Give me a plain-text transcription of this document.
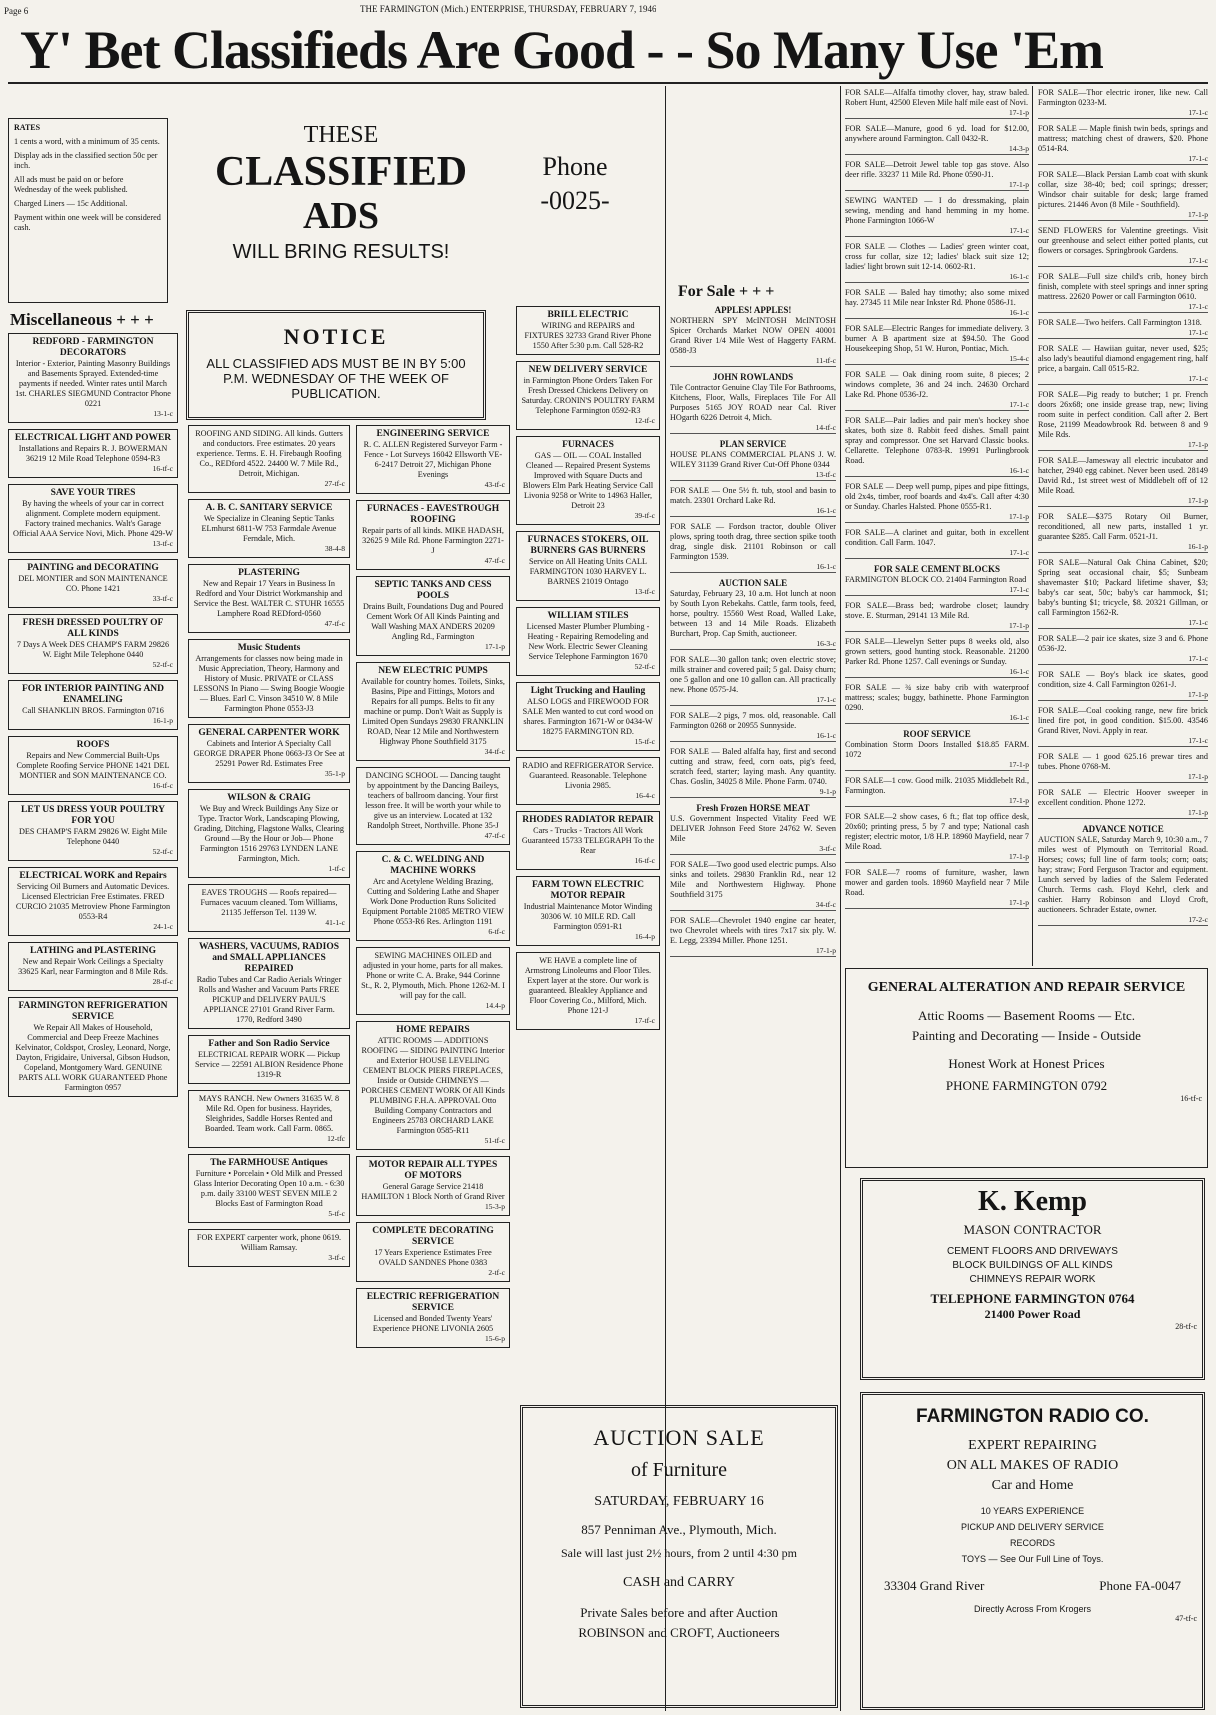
Page 6	THE FARMINGTON (Mich.) ENTERPRISE, THURSDAY, FEBRUARY 7, 1946
Y' Bet Classifieds Are Good - - So Many Use 'Em
RATES

1 cents a word, with a minimum of 35 cents.

Display ads in the classified section 50c per inch.

All ads must be paid on or before Wednesday of the week published.

Charged Liners — 15c Additional.

Payment within one week will be considered cash.

THESE
CLASSIFIED
ADS
WILL BRING RESULTS!
Phone
-0025-
Miscellaneous + + +
For Sale + + +
NOTICE
ALL CLASSIFIED ADS MUST BE IN BY 5:00 P.M. WEDNESDAY OF THE WEEK OF PUBLICATION.
REDFORD - FARMINGTON DECORATORS
Interior - Exterior, Painting Masonry Buildings and Basements Sprayed. Extended-time payments if needed. Winter rates until March 1st. CHARLES SIEGMUND Contractor Phone 0221
13-1-c
ELECTRICAL LIGHT AND POWER
Installations and Repairs R. J. BOWERMAN 36219 12 Mile Road Telephone 0594-R3
16-tf-c
SAVE YOUR TIRES
By having the wheels of your car in correct alignment. Complete modern equipment. Factory trained mechanics. Walt's Garage Official AAA Service Novi, Mich. Phone 429-W
13-tf-c
PAINTING and DECORATING
DEL MONTIER and SON MAINTENANCE CO. Phone 1421
33-tf-c
FRESH DRESSED POULTRY OF ALL KINDS
7 Days A Week DES CHAMP'S FARM 29826 W. Eight Mile Telephone 0440
52-tf-c
FOR INTERIOR PAINTING AND ENAMELING
Call SHANKLIN BROS. Farmington 0716
16-1-p
ROOFS
Repairs and New Commercial Built-Ups Complete Roofing Service PHONE 1421 DEL MONTIER and SON MAINTENANCE CO.
16-tf-c
LET US DRESS YOUR POULTRY FOR YOU
DES CHAMP'S FARM 29826 W. Eight Mile Telephone 0440
52-tf-c
ELECTRICAL WORK and Repairs
Servicing Oil Burners and Automatic Devices. Licensed Electrician Free Estimates. FRED CURCIO 21035 Metroview Phone Farmington 0553-R4
24-1-c
LATHING and PLASTERING
New and Repair Work Ceilings a Specialty 33625 Karl, near Farmington and 8 Mile Rds.
28-tf-c
FARMINGTON REFRIGERATION SERVICE
We Repair All Makes of Household, Commercial and Deep Freeze Machines Kelvinator, Coldspot, Crosley, Leonard, Norge, Dayton, Frigidaire, Universal, Gibson Hudson, Copeland, Montgomery Ward. GENUINE PARTS ALL WORK GUARANTEED Phone Farmington 0957
ROOFING AND SIDING. All kinds. Gutters and conductors. Free estimates. 20 years experience. Terms. E. H. Firebaugh Roofing Co., REDford 4522. 24400 W. 7 Mile Rd., Detroit, Michigan.
27-tf-c
A. B. C. SANITARY SERVICE
We Specialize in Cleaning Septic Tanks ELmhurst 6811-W 753 Farmdale Avenue Ferndale, Mich.
38-4-8
PLASTERING
New and Repair 17 Years in Business In Redford and Your District Workmanship and Service the Best. WALTER C. STUHR 16555 Lamphere Road REDford-0560
47-tf-c
Music Students
Arrangements for classes now being made in Music Appreciation, Theory, Harmony and History of Music. PRIVATE or CLASS LESSONS In Piano — Swing Boogie Woogie — Blues. Earl C. Vinson 34510 W. 8 Mile Farmington Phone 0553-J3
GENERAL CARPENTER WORK
Cabinets and Interior A Specialty Call GEORGE DRAPER Phone 0663-J3 Or See at 25291 Power Rd. Estimates Free
35-1-p
WILSON & CRAIG
We Buy and Wreck Buildings Any Size or Type. Tractor Work, Landscaping Plowing, Grading, Ditching, Flagstone Walks, Clearing Ground —By the Hour or Job— Phone Farmington 1516 29763 LYNDEN LANE Farmington, Mich.
1-tf-c
EAVES TROUGHS — Roofs repaired—Furnaces vacuum cleaned. Tom Williams, 21135 Jefferson Tel. 1139 W.
41-1-c
WASHERS, VACUUMS, RADIOS and SMALL APPLIANCES REPAIRED
Radio Tubes and Car Radio Aerials Wringer Rolls and Washer and Vacuum Parts FREE PICKUP and DELIVERY PAUL'S APPLIANCE 27101 Grand River Farm. 1770, Redford 3490
Father and Son Radio Service
ELECTRICAL REPAIR WORK — Pickup Service — 22591 ALBION Residence Phone 1319-R
MAYS RANCH. New Owners 31635 W. 8 Mile Rd. Open for business. Hayrides, Sleighrides, Saddle Horses Rented and Boarded. Team work. Call Farm. 0865.
12-tfc
The FARMHOUSE Antiques
Furniture • Porcelain • Old Milk and Pressed Glass Interior Decorating Open 10 a.m. - 6:30 p.m. daily 33100 WEST SEVEN MILE 2 Blocks East of Farmington Road
5-tf-c
FOR EXPERT carpenter work, phone 0619. William Ramsay.
3-tf-c
ENGINEERING SERVICE
R. C. ALLEN Registered Surveyor Farm - Fence - Lot Surveys 16042 Ellsworth VE-6-2417 Detroit 27, Michigan Phone Evenings
43-tf-c
FURNACES - EAVESTROUGH ROOFING
Repair parts of all kinds. MIKE HADASH, 32625 9 Mile Rd. Phone Farmington 2271-J
47-tf-c
SEPTIC TANKS AND CESS POOLS
Drains Built, Foundations Dug and Poured Cement Work Of All Kinds Painting and Wall Washing MAX ANDERS 20209 Angling Rd., Farmington
17-1-p
NEW ELECTRIC PUMPS
Available for country homes. Toilets, Sinks, Basins, Pipe and Fittings, Motors and Repairs for all pumps. Belts to fit any machine or pump. Don't Wait as Supply is Limited Open Sundays 29830 FRANKLIN ROAD, Near 12 Mile and Northwestern Highway Phone Southfield 3175
34-tf-c
DANCING SCHOOL — Dancing taught by appointment by the Dancing Baileys, teachers of ballroom dancing. Your first lesson free. It will be worth your while to give us an interview. Located at 132 Randolph Street, Northville. Phone 35-J
47-tf-c
C. & C. WELDING AND MACHINE WORKS
Arc and Acetylene Welding Brazing, Cutting and Soldering Lathe and Shaper Work Done Production Runs Solicited Equipment Portable 21085 METRO VIEW Phone 0553-R6 Res. Arlington 1191
6-tf-c
SEWING MACHINES OILED and adjusted in your home, parts for all makes. Phone or write C. A. Brake, 944 Corinne St., R. 2, Plymouth, Mich. Phone 1262-M. I will pay for the call.
14.4-p
HOME REPAIRS
ATTIC ROOMS — ADDITIONS ROOFING — SIDING PAINTING Interior and Exterior HOUSE LEVELING CEMENT BLOCK PIERS FIREPLACES, Inside or Outside CHIMNEYS — PORCHES CEMENT WORK Of All Kinds PLUMBING F.H.A. APPROVAL Otto Building Company Contractors and Engineers 25783 ORCHARD LAKE Farmington 0585-R11
51-tf-c
MOTOR REPAIR ALL TYPES OF MOTORS
General Garage Service 21418 HAMILTON 1 Block North of Grand River
15-3-p
COMPLETE DECORATING SERVICE
17 Years Experience Estimates Free OVALD SANDNES Phone 0383
2-tf-c
ELECTRIC REFRIGERATION SERVICE
Licensed and Bonded Twenty Years' Experience PHONE LIVONIA 2605
15-6-p
BRILL ELECTRIC
WIRING and REPAIRS and FIXTURES 32733 Grand River Phone 1550 After 5:30 p.m. Call 528-R2
NEW DELIVERY SERVICE
in Farmington Phone Orders Taken For Fresh Dressed Chickens Delivery on Saturday. CRONIN'S POULTRY FARM Telephone Farmington 0592-R3
12-tf-c
FURNACES
GAS — OIL — COAL Installed Cleaned — Repaired Present Systems Improved with Square Ducts and Blowers Elm Park Heating Service Call Livonia 9258 or Write to 14963 Haller, Detroit 23
39-tf-c
FURNACES STOKERS, OIL BURNERS GAS BURNERS
Service on All Heating Units CALL FARMINGTON 1030 HARVEY L. BARNES 21019 Ontago
13-tf-c
WILLIAM STILES
Licensed Master Plumber Plumbing - Heating - Repairing Remodeling and New Work. Electric Sewer Cleaning Service Telephone Farmington 1670
52-tf-c
Light Trucking and Hauling
ALSO LOGS and FIREWOOD FOR SALE Men wanted to cut cord wood on shares. Farmington 1671-W or 0434-W 18275 FARMINGTON RD.
15-tf-c
RADIO and REFRIGERATOR Service. Guaranteed. Reasonable. Telephone Livonia 2985.
16-4-c
RHODES RADIATOR REPAIR
Cars - Trucks - Tractors All Work Guaranteed 15733 TELEGRAPH To the Rear
16-tf-c
FARM TOWN ELECTRIC MOTOR REPAIR
Industrial Maintenance Motor Winding 30306 W. 10 MILE RD. Call Farmington 0591-R1
16-4-p
WE HAVE a complete line of Armstrong Linoleums and Floor Tiles. Expert layer at the store. Our work is guaranteed. Bleakley Appliance and Floor Covering Co., Milford, Mich. Phone 121-J
17-tf-c
APPLES! APPLES!
NORTHERN SPY McINTOSH McINTOSH Spicer Orchards Market NOW OPEN 40001 Grand River 1/4 Mile West of Haggerty FARM. 0588-J3
11-tf-c
JOHN ROWLANDS
Tile Contractor Genuine Clay Tile For Bathrooms, Kitchens, Floor, Walls, Fireplaces Tile For All Purposes 5165 JOY ROAD near Cal. River HOgarth 6226 Detroit 4, Mich.
14-tf-c
PLAN SERVICE
HOUSE PLANS COMMERCIAL PLANS J. W. WILEY 31139 Grand River Cut-Off Phone 0344
13-tf-c
FOR SALE — One 5½ ft. tub, stool and basin to match. 23301 Orchard Lake Rd.
16-1-c
FOR SALE — Fordson tractor, double Oliver plows, spring tooth drag, three section spike tooth drag, single disk. 21101 Robinson or call Farmington 1539.
16-1-c
AUCTION SALE
Saturday, February 23, 10 a.m. Hot lunch at noon by South Lyon Rebekahs. Cattle, farm tools, feed, horse, poultry. 15560 West Road, Walled Lake, between 13 and 14 Mile Roads. Elizabeth Burchart, Prop. Cap Smith, auctioneer.
16-3-c
FOR SALE—30 gallon tank; oven electric stove; milk strainer and covered pail; 5 gal. Daisy churn; one 5 gallon and one 10 gallon can. All practically new. Phone 0575-J4.
17-1-c
FOR SALE—2 pigs, 7 mos. old, reasonable. Call Farmington 0268 or 20955 Sunnyside.
16-1-c
FOR SALE — Baled alfalfa hay, first and second cutting and straw, feed, corn oats, pig's feed, scratch feed, starter; laying mash. Any quantity. Chas. Goslin, 34025 8 Mile. Phone Farm. 0740.
9-1-p
Fresh Frozen HORSE MEAT
U.S. Government Inspected Vitality Feed WE DELIVER Johnson Feed Store 24762 W. Seven Mile
3-tf-c
FOR SALE—Two good used electric pumps. Also sinks and toilets. 29830 Franklin Rd., near 12 Mile and Northwestern Highway. Phone Southfield 3175
34-tf-c
FOR SALE—Chevrolet 1940 engine car heater, two Chevrolet wheels with tires 7x17 six ply. W. E. Legg, 23394 Miller. Phone 1251.
17-1-p
FOR SALE—Alfalfa timothy clover, hay, straw baled. Robert Hunt, 42500 Eleven Mile half mile east of Novi.
17-1-p
FOR SALE—Manure, good 6 yd. load for $12.00, anywhere around Farmington. Call 0432-R.
14-3-p
FOR SALE—Detroit Jewel table top gas stove. Also deer rifle. 33237 11 Mile Rd. Phone 0590-J1.
17-1-p
SEWING WANTED — I do dressmaking, plain sewing, mending and hand hemming in my home. Phone Farmington 1066-W
17-1-c
FOR SALE — Clothes — Ladies' green winter coat, cross fur collar, size 12; ladies' black suit size 12; ladies' light brown suit 12-14. 0602-R1.
16-1-c
FOR SALE — Baled hay timothy; also some mixed hay. 27345 11 Mile near Inkster Rd. Phone 0586-J1.
16-1-c
FOR SALE—Electric Ranges for immediate delivery. 3 burner A B apartment size at $94.50. The Good Housekeeping Shop, 51 W. Huron, Pontiac, Mich.
15-4-c
FOR SALE — Oak dining room suite, 8 pieces; 2 windows complete, 36 and 24 inch. 24630 Orchard Lake Rd. Phone 0536-J2.
17-1-c
FOR SALE—Pair ladies and pair men's hockey shoe skates, both size 8. Rabbit feed dishes. Small paint spray and compressor. One set Harvard Classic books. Cellarette. Telephone 0783-R. 19991 Purlingbrook Road.
16-1-c
FOR SALE — Deep well pump, pipes and pipe fittings, old 2x4s, timber, roof boards and 4x4's. Call after 4:30 or Sunday. Charles Halsted. Phone 0555-R1.
17-1-p
FOR SALE—A clarinet and guitar, both in excellent condition. Call Farm. 1047.
17-1-c
FOR SALE CEMENT BLOCKS
FARMINGTON BLOCK CO. 21404 Farmington Road
17-1-c
FOR SALE—Brass bed; wardrobe closet; laundry stove. E. Sturman, 29141 13 Mile Rd.
17-1-p
FOR SALE—Llewelyn Setter pups 8 weeks old, also grown setters, good hunting stock. Reasonable. 21200 Parker Rd. Phone 1257. Call evenings or Sunday.
16-1-c
FOR SALE — ¾ size baby crib with waterproof mattress; scales; buggy, bathinette. Phone Farmington 0290.
16-1-c
ROOF SERVICE
Combination Storm Doors Installed $18.85 FARM. 1072
17-1-p
FOR SALE—1 cow. Good milk. 21035 Middlebelt Rd., Farmington.
17-1-p
FOR SALE—2 show cases, 6 ft.; flat top office desk, 20x60; printing press, 5 by 7 and type; National cash register; electric motor, 1/8 H.P. 18960 Mayfield, near 7 Mile Road.
17-1-p
FOR SALE—7 rooms of furniture, washer, lawn mower and garden tools. 18960 Mayfield near 7 Mile Road.
17-1-p
FOR SALE—Thor electric ironer, like new. Call Farmington 0233-M.
17-1-c
FOR SALE — Maple finish twin beds, springs and mattress; matching chest of drawers, $20. Phone 0514-R4.
17-1-c
FOR SALE—Black Persian Lamb coat with skunk collar, size 38-40; bed; coil springs; dresser; Windsor chair suitable for desk; large framed pictures. 21446 Avon (8 Mile - Southfield).
17-1-p
SEND FLOWERS for Valentine greetings. Visit our greenhouse and select either potted plants, cut flowers or corsages. Springbrook Gardens.
17-1-c
FOR SALE—Full size child's crib, honey birch finish, complete with steel springs and inner spring mattress. 22620 Power or call Farmington 0610.
17-1-c
FOR SALE—Two heifers. Call Farmington 1318.
17-1-c
FOR SALE — Hawiian guitar, never used, $25; also lady's beautiful diamond engagement ring, half price, a bargain. Call 0515-R2.
17-1-c
FOR SALE—Pig ready to butcher; 1 pr. French doors 26x68; one inside grease trap, new; living room suite in perfect condition. Call after 2. Bert Rose, 21199 Meadowbrook Rd. between 8 and 9 Mile Rds.
17-1-p
FOR SALE—Jamesway all electric incubator and hatcher, 2940 egg cabinet. Never been used. 28149 David Rd., 1st street west of Middlebelt off of 12 Mile Road.
17-1-p
FOR SALE—$375 Rotary Oil Burner, reconditioned, all new parts, installed 1 yr. guarantee $285. Call Farm. 0521-J1.
16-1-p
FOR SALE—Natural Oak China Cabinet, $20; Spring seat occasional chair, $5; Sunbeam shavemaster $10; Packard lifetime shaver, $3; baby's car seat, 50c; baby's car hammock, $1; baby's bunting $1; tricycle, $8. 20321 Gillman, or call Farmington 1562-R.
17-1-c
FOR SALE—2 pair ice skates, size 3 and 6. Phone 0536-J2.
17-1-c
FOR SALE — Boy's black ice skates, good condition, size 4. Call Farmington 0261-J.
17-1-p
FOR SALE—Coal cooking range, new fire brick lined fire pot, in good condition. $15.00. 43546 Grand River, Novi. Apply in rear.
17-1-c
FOR SALE — 1 good 625.16 prewar tires and tubes. Phone 0768-M.
17-1-p
FOR SALE — Electric Hoover sweeper in excellent condition. Phone 1272.
17-1-p
ADVANCE NOTICE
AUCTION SALE, Saturday March 9, 10:30 a.m., 7 miles west of Plymouth on Territorial Road. Horses; cows; full line of farm tools; corn; oats; hay; straw; Ford Ferguson Tractor and equipment. Lunch served by ladies of the Salem Federated Church. Terms cash. Floyd Kehrl, clerk and cashier. Harry Robinson and Lloyd Croft, auctioneers. Schrader Estate, owner.
17-2-c
GENERAL ALTERATION AND REPAIR SERVICE
Attic Rooms — Basement Rooms — Etc.
Painting and Decorating — Inside - Outside
Honest Work at Honest Prices
PHONE FARMINGTON 0792
16-tf-c
K. Kemp
MASON CONTRACTOR
CEMENT FLOORS AND DRIVEWAYS
BLOCK BUILDINGS OF ALL KINDS
CHIMNEYS REPAIR WORK
TELEPHONE FARMINGTON 0764
21400 Power Road
28-tf-c
FARMINGTON RADIO CO.
EXPERT REPAIRING
ON ALL MAKES OF RADIO
Car and Home
10 YEARS EXPERIENCE
PICKUP AND DELIVERY SERVICE
RECORDS
TOYS — See Our Full Line of Toys.
33304 Grand River	Phone FA-0047
Directly Across From Krogers
47-tf-c
AUCTION SALE
of Furniture
SATURDAY, FEBRUARY 16
857 Penniman Ave., Plymouth, Mich.
Sale will last just 2½ hours, from 2 until 4:30 pm
CASH and CARRY
Private Sales before and after Auction
ROBINSON and CROFT, Auctioneers
